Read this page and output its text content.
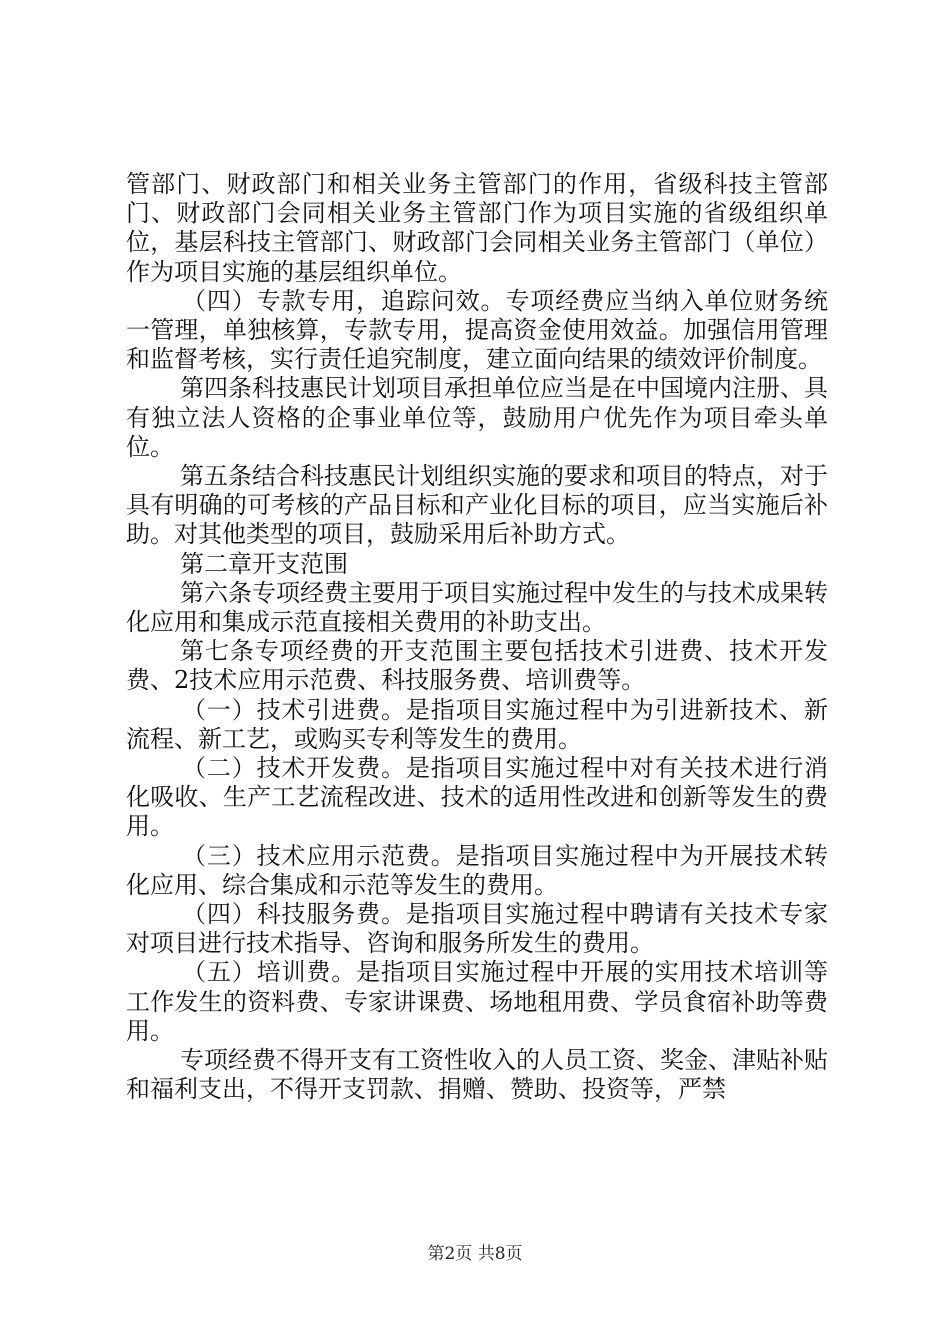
管部门、财政部门和相关业务主管部门的作用，省级科技主管部门、财政部门会同相关业务主管部门作为项目实施的省级组织单位，基层科技主管部门、财政部门会同相关业务主管部门（单位）作为项目实施的基层组织单位。

（四）专款专用，追踪问效。专项经费应当纳入单位财务统一管理，单独核算，专款专用，提高资金使用效益。加强信用管理和监督考核，实行责任追究制度，建立面向结果的绩效评价制度。

第四条科技惠民计划项目承担单位应当是在中国境内注册、具有独立法人资格的企事业单位等，鼓励用户优先作为项目牵头单位。

第五条结合科技惠民计划组织实施的要求和项目的特点，对于具有明确的可考核的产品目标和产业化目标的项目，应当实施后补助。对其他类型的项目，鼓励采用后补助方式。

第二章开支范围

第六条专项经费主要用于项目实施过程中发生的与技术成果转化应用和集成示范直接相关费用的补助支出。

第七条专项经费的开支范围主要包括技术引进费、技术开发费、2技术应用示范费、科技服务费、培训费等。

（一）技术引进费。是指项目实施过程中为引进新技术、新流程、新工艺，或购买专利等发生的费用。

（二）技术开发费。是指项目实施过程中对有关技术进行消化吸收、生产工艺流程改进、技术的适用性改进和创新等发生的费用。

（三）技术应用示范费。是指项目实施过程中为开展技术转化应用、综合集成和示范等发生的费用。

（四）科技服务费。是指项目实施过程中聘请有关技术专家对项目进行技术指导、咨询和服务所发生的费用。

（五）培训费。是指项目实施过程中开展的实用技术培训等工作发生的资料费、专家讲课费、场地租用费、学员食宿补助等费用。

专项经费不得开支有工资性收入的人员工资、奖金、津贴补贴和福利支出，不得开支罚款、捐赠、赞助、投资等，严禁

第2页 共8页
